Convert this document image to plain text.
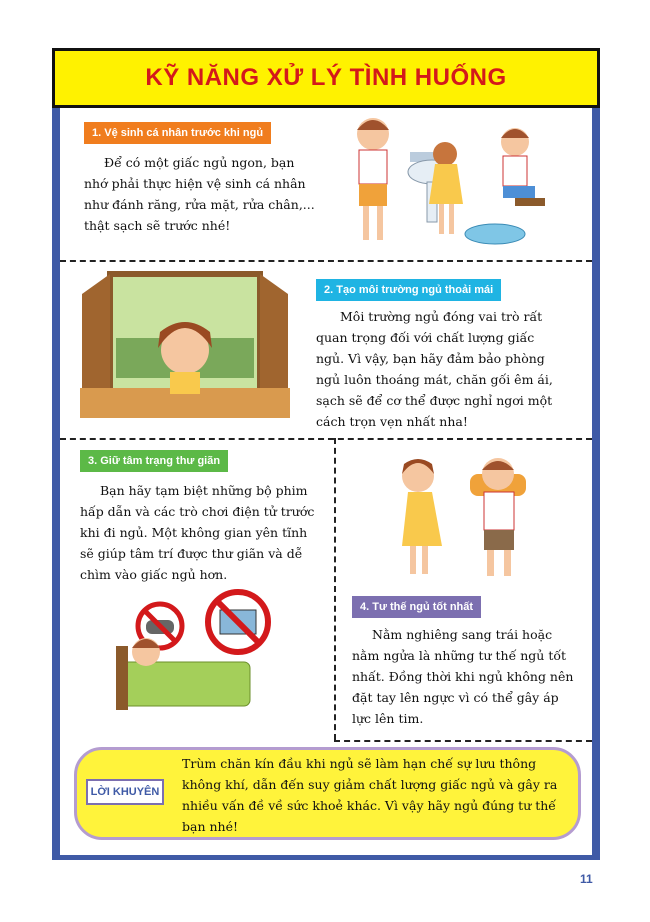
KỸ NĂNG XỬ LÝ TÌNH HUỐNG
1. Vệ sinh cá nhân trước khi ngủ
Để có một giấc ngủ ngon, bạn nhớ phải thực hiện vệ sinh cá nhân như đánh răng, rửa mặt, rửa chân,... thật sạch sẽ trước nhé!
2. Tạo môi trường ngủ thoải mái
Môi trường ngủ đóng vai trò rất quan trọng đối với chất lượng giấc ngủ. Vì vậy, bạn hãy đảm bảo phòng ngủ luôn thoáng mát, chăn gối êm ái, sạch sẽ để cơ thể được nghỉ ngơi một cách trọn vẹn nhất nha!
3. Giữ tâm trạng thư giãn
Bạn hãy tạm biệt những bộ phim hấp dẫn và các trò chơi điện tử trước khi đi ngủ. Một không gian yên tĩnh sẽ giúp tâm trí được thư giãn và dễ chìm vào giấc ngủ hơn.
4. Tư thế ngủ tốt nhất
Nằm nghiêng sang trái hoặc nằm ngửa là những tư thế ngủ tốt nhất. Đồng thời khi ngủ không nên đặt tay lên ngực vì có thể gây áp lực lên tim.
LỜI KHUYÊN
Trùm chăn kín đầu khi ngủ sẽ làm hạn chế sự lưu thông không khí, dẫn đến suy giảm chất lượng giấc ngủ và gây ra nhiều vấn đề về sức khoẻ khác. Vì vậy hãy ngủ đúng tư thế bạn nhé!
11
